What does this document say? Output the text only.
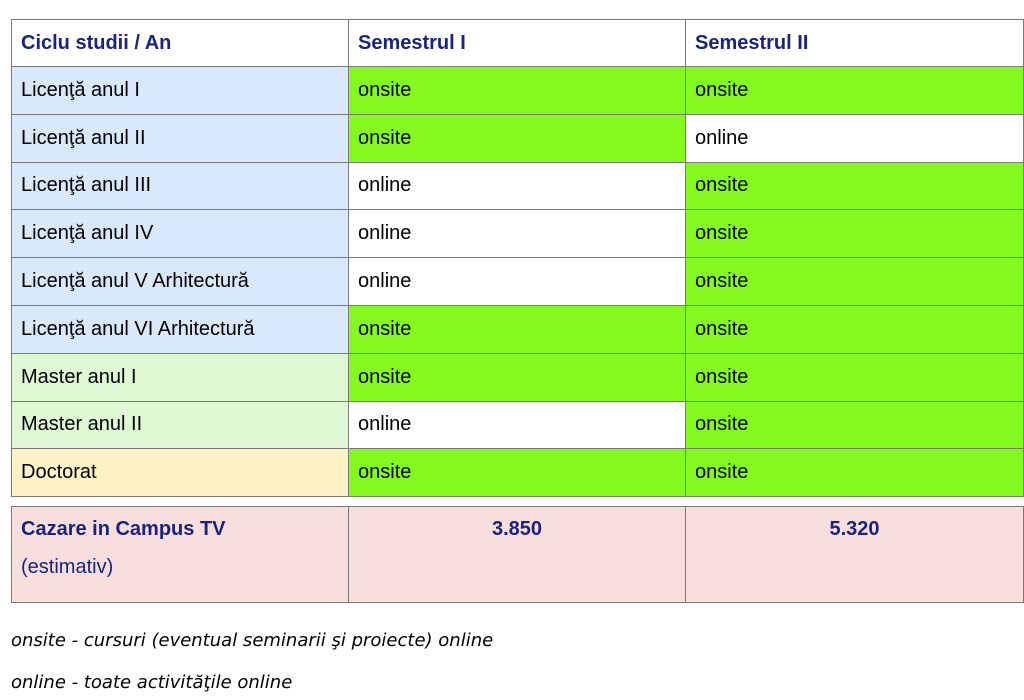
Ciclu studii / An	Semestrul I	Semestrul II
Licenţă anul I	onsite	onsite
Licenţă anul II	onsite	online
Licenţă anul III	online	onsite
Licenţă anul IV	online	onsite
Licenţă anul V Arhitectură	online	onsite
Licenţă anul VI Arhitectură	onsite	onsite
Master anul I	onsite	onsite
Master anul II	online	onsite
Doctorat	onsite	onsite
Cazare in Campus TV
(estimativ)
	3.850	5.320
onsite - cursuri (eventual seminarii şi proiecte) online
online - toate activităţile online
